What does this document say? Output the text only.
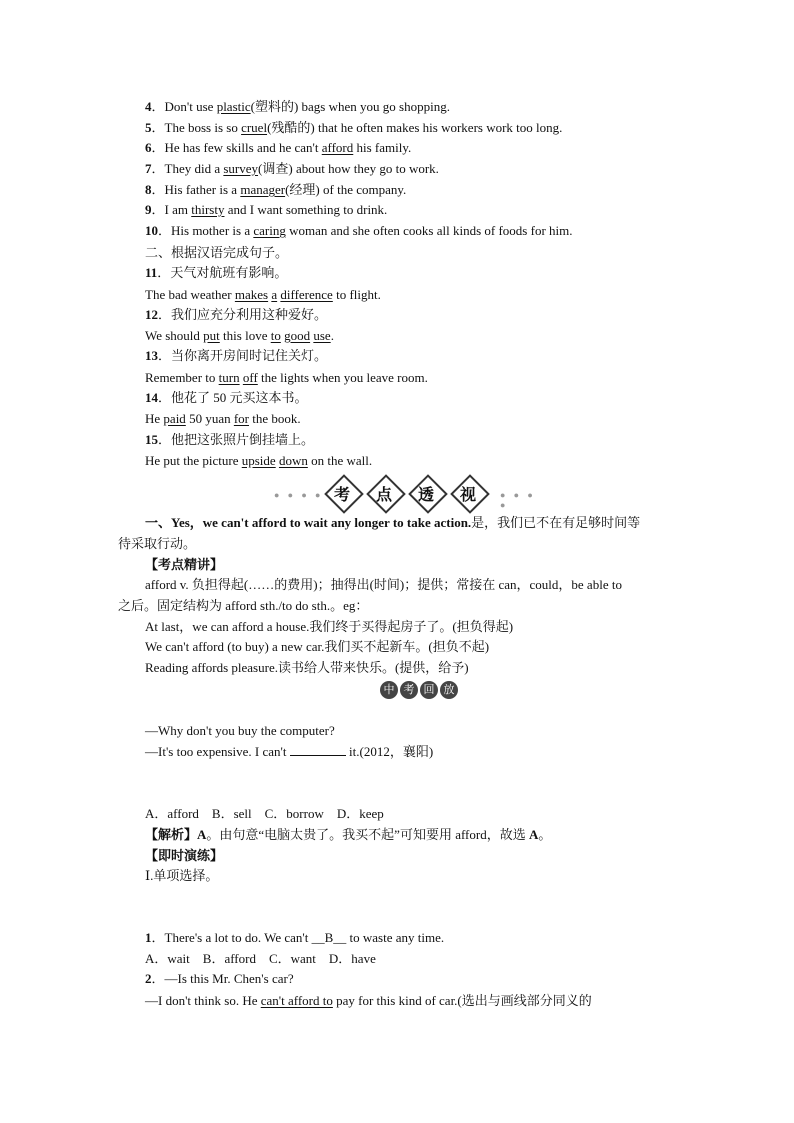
4．Don't use plastic(塑料的) bags when you go shopping.
5．The boss is so cruel(残酷的) that he often makes his workers work too long.
6．He has few skills and he can't afford his family.
7．They did a survey(调查) about how they go to work.
8．His father is a manager(经理) of the company.
9．I am thirsty and I want something to drink.
10．His mother is a caring woman and she often cooks all kinds of foods for him.
二、根据汉语完成句子。
11．天气对航班有影响。
The bad weather makes a difference to flight.
12．我们应充分利用这种爱好。
We should put this love to good use.
13．当你离开房间时记住关灯。
Remember to turn off the lights when you leave room.
14．他花了 50 元买这本书。
He paid 50 yuan for the book.
15．他把这张照片倒挂墙上。
He put the picture upside down on the wall.
● ● ● ● 考	点	透	视	● ● ● ●
一、Yes，we can't afford to wait any longer to take action.是，我们已不在有足够时间等
待采取行动。
【考点精讲】
afford v. 负担得起(……的费用)；抽得出(时间)；提供；常接在 can，could，be able to
之后。固定结构为 afford sth./to do sth.。eg：
At last，we can afford a house.我们终于买得起房子了。(担负得起)
We can't afford (to buy) a new car.我们买不起新车。(担负不起)
Reading affords pleasure.读书给人带来快乐。(提供，给予)
中 考 回 放
—Why don't you buy the computer?
—It's too expensive. I can't	it.(2012，襄阳)
A．afford　B．sell　C．borrow　D．keep
【解析】A。由句意“电脑太贵了。我买不起”可知要用 afford，故选 A。
【即时演练】
Ⅰ.单项选择。
1．There's a lot to do. We can't __B__ to waste any time.
A．wait　B．afford　C．want　D．have
2．—Is this Mr. Chen's car?
—I don't think so. He can't afford to pay for this kind of car.(选出与画线部分同义的
